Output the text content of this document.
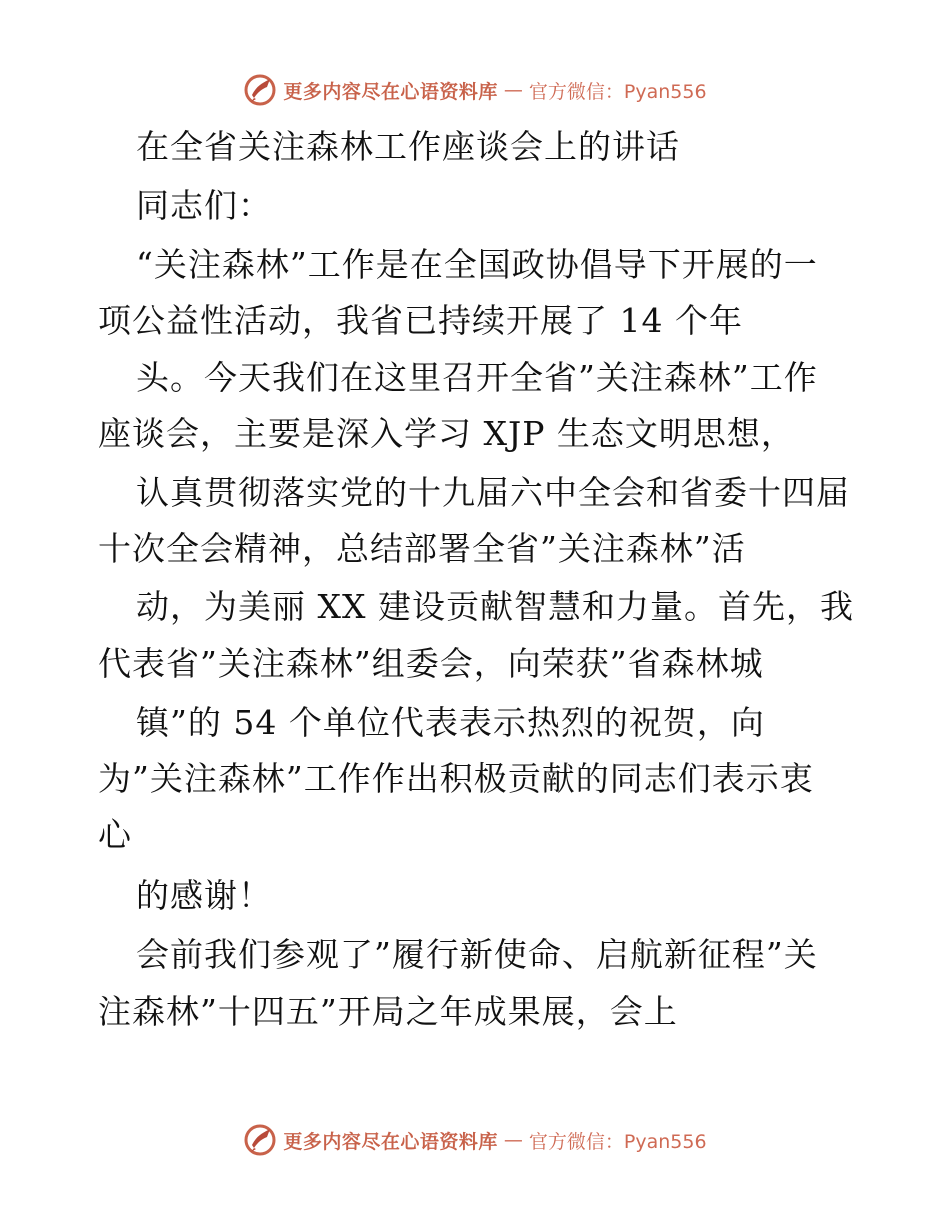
更多内容尽在心语资料库 — 官方微信：Pyan556
在全省关注森林工作座谈会上的讲话
同志们：
“关注森林”工作是在全国政协倡导下开展的一
项公益性活动，我省已持续开展了 14 个年
头。今天我们在这里召开全省”关注森林”工作
座谈会，主要是深入学习 XJP 生态文明思想，
认真贯彻落实党的十九届六中全会和省委十四届
十次全会精神，总结部署全省”关注森林”活
动，为美丽 XX 建设贡献智慧和力量。首先，我
代表省”关注森林”组委会，向荣获”省森林城
镇”的 54 个单位代表表示热烈的祝贺，向
为”关注森林”工作作出积极贡献的同志们表示衷
心
的感谢！
会前我们参观了”履行新使命、启航新征程”关
注森林”十四五”开局之年成果展，会上
更多内容尽在心语资料库 — 官方微信：Pyan556
